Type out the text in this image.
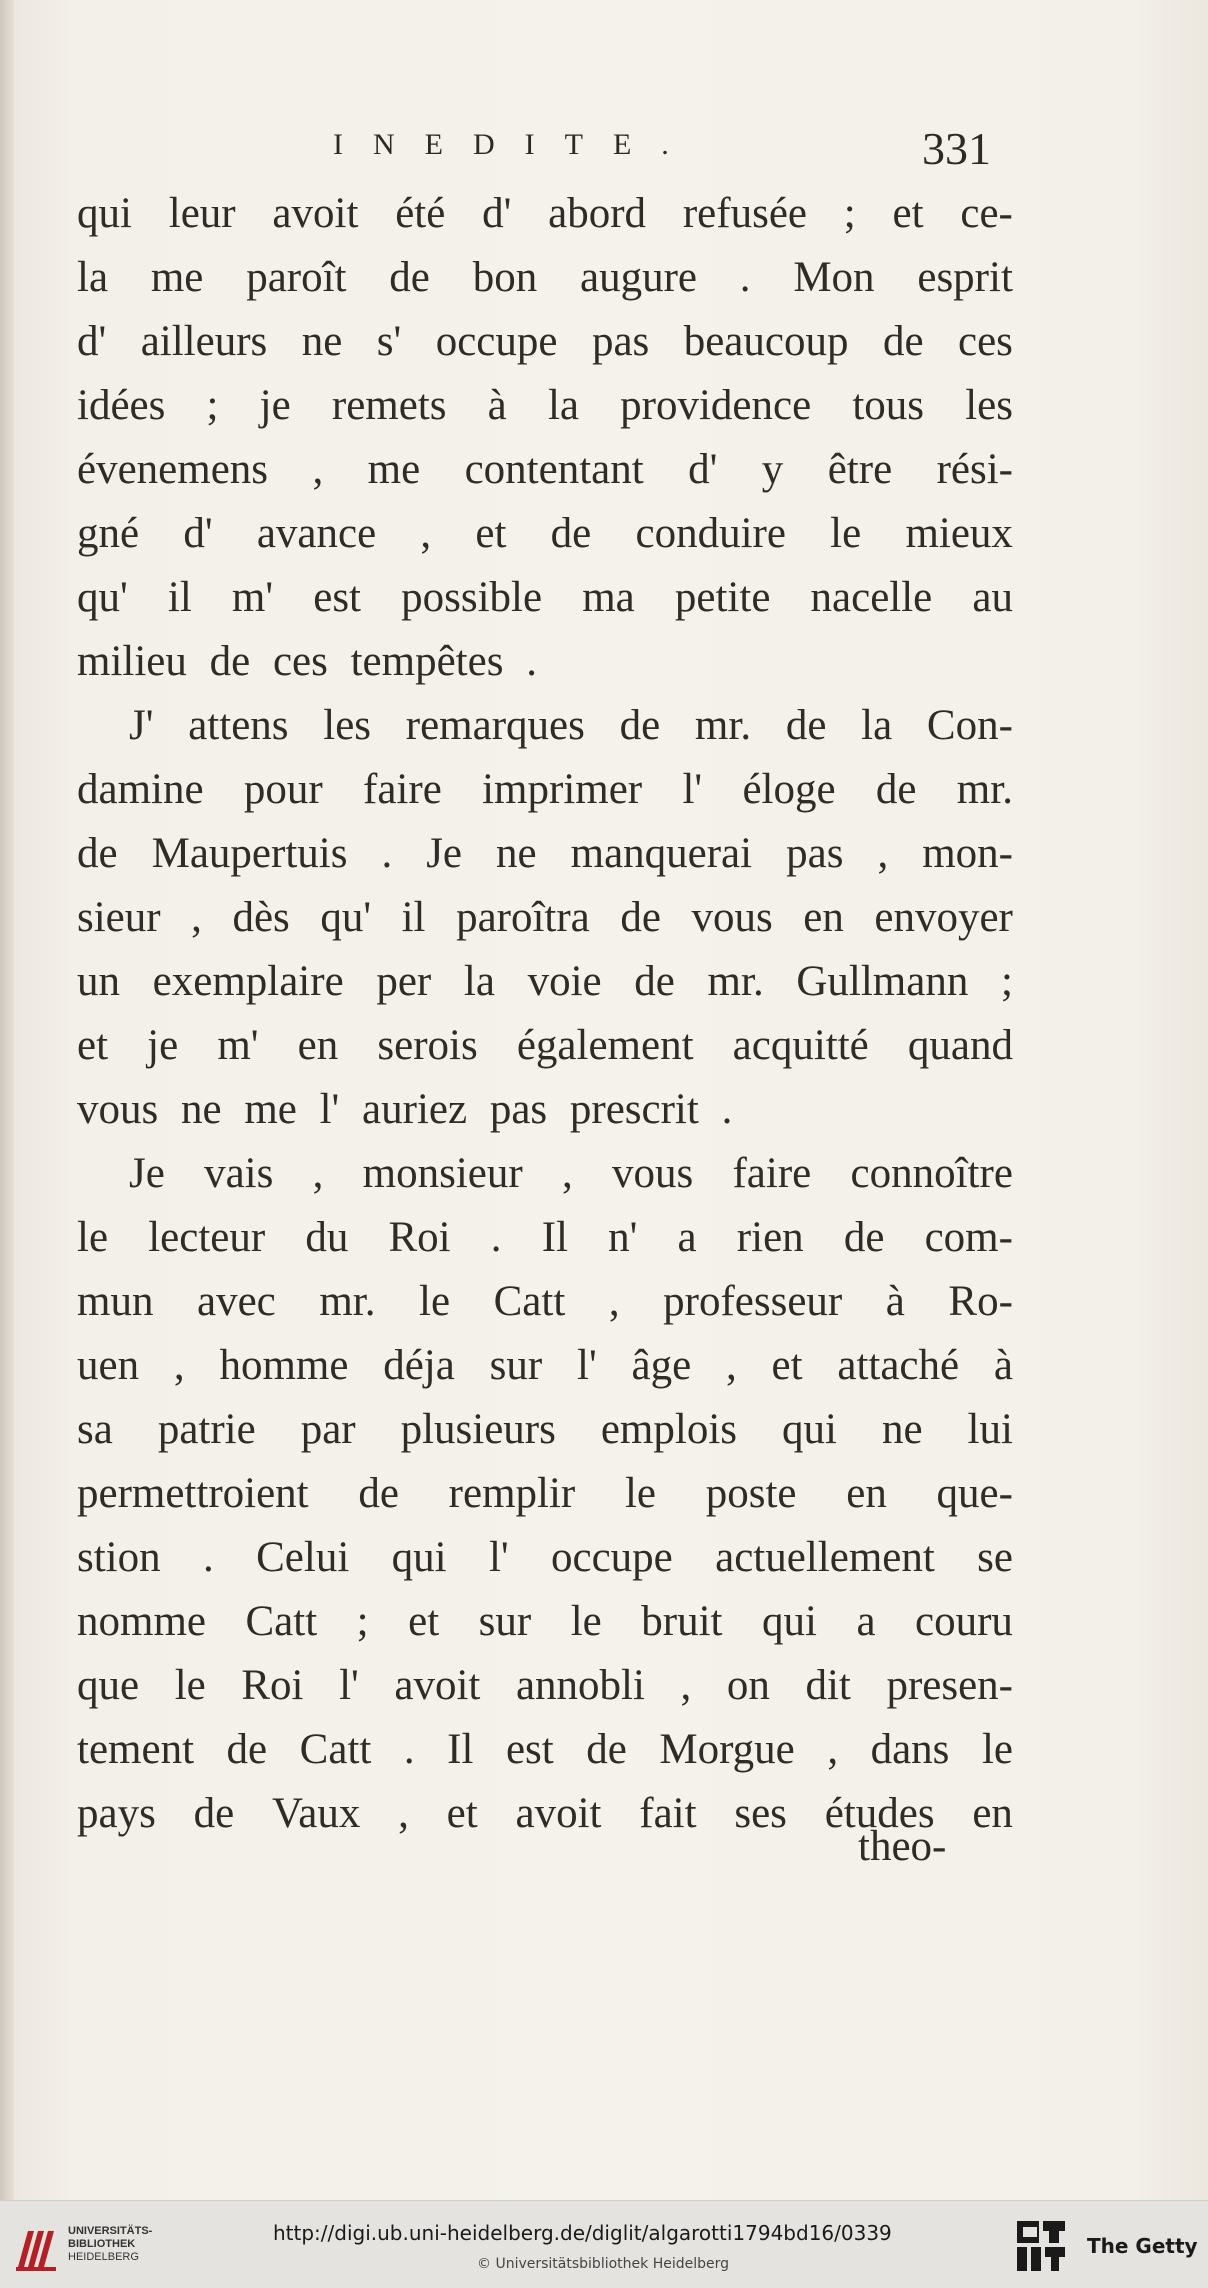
INEDITE.	331
qui leur avoit été d' abord refusée ; et ce-
la me paroît de bon augure . Mon esprit
d' ailleurs ne s' occupe pas beaucoup de ces
idées ; je remets à la providence tous les
évenemens , me contentant d' y être rési-
gné d' avance , et de conduire le mieux
qu' il m' est possible ma petite nacelle au
milieu de ces tempêtes .
J' attens les remarques de mr. de la Con-
damine pour faire imprimer l' éloge de mr.
de Maupertuis . Je ne manquerai pas , mon-
sieur , dès qu' il paroîtra de vous en envoyer
un exemplaire per la voie de mr. Gullmann ;
et je m' en serois également acquitté quand
vous ne me l' auriez pas prescrit .
Je vais , monsieur , vous faire connoître
le lecteur du Roi . Il n' a rien de com-
mun avec mr. le Catt , professeur à Ro-
uen , homme déja sur l' âge , et attaché à
sa patrie par plusieurs emplois qui ne lui
permettroient de remplir le poste en que-
stion . Celui qui l' occupe actuellement se
nomme Catt ; et sur le bruit qui a couru
que le Roi l' avoit annobli , on dit presen-
tement de Catt . Il est de Morgue , dans le
pays de Vaux , et avoit fait ses études en
theo-
UNIVERSITÄTS-
BIBLIOTHEK
HEIDELBERG
http://digi.ub.uni-heidelberg.de/diglit/algarotti1794bd16/0339
© Universitätsbibliothek Heidelberg
The Getty
